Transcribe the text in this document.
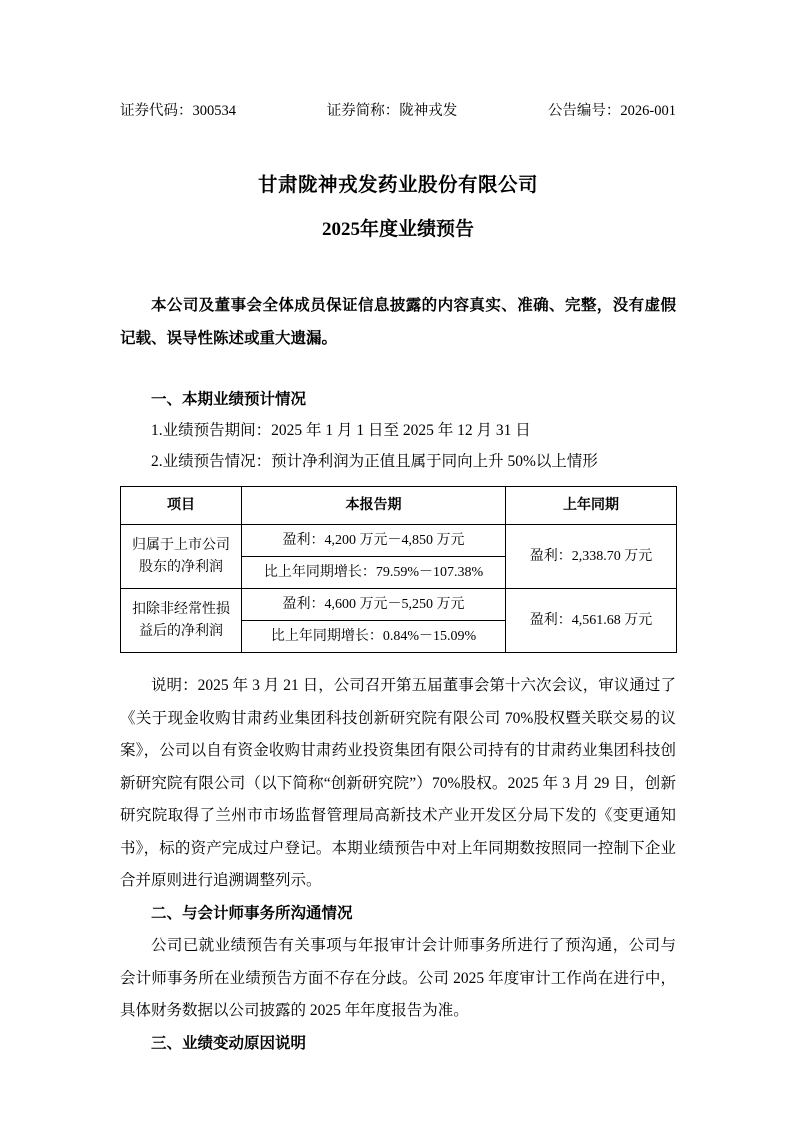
证券代码：300534	证券简称：陇神戎发	公告编号：2026-001
甘肃陇神戎发药业股份有限公司
2025年度业绩预告

本公司及董事会全体成员保证信息披露的内容真实、准确、完整，没有虚假记载、误导性陈述或重大遗漏。

一、本期业绩预计情况
1.业绩预告期间：2025 年 1 月 1 日至 2025 年 12 月 31 日
2.业绩预告情况：预计净利润为正值且属于同向上升 50%以上情形
项目	本报告期	上年同期
归属于上市公司股东的净利润	盈利：4,200 万元－4,850 万元	盈利：2,338.70 万元
	比上年同期增长：79.59%－107.38%	
扣除非经常性损益后的净利润	盈利：4,600 万元－5,250 万元	盈利：4,561.68 万元
	比上年同期增长：0.84%－15.09%	

说明：2025 年 3 月 21 日，公司召开第五届董事会第十六次会议，审议通过了《关于现金收购甘肃药业集团科技创新研究院有限公司 70%股权暨关联交易的议案》，公司以自有资金收购甘肃药业投资集团有限公司持有的甘肃药业集团科技创新研究院有限公司（以下简称“创新研究院”）70%股权。2025 年 3 月 29 日，创新研究院取得了兰州市市场监督管理局高新技术产业开发区分局下发的《变更通知书》，标的资产完成过户登记。本期业绩预告中对上年同期数按照同一控制下企业合并原则进行追溯调整列示。

二、与会计师事务所沟通情况

公司已就业绩预告有关事项与年报审计会计师事务所进行了预沟通，公司与会计师事务所在业绩预告方面不存在分歧。公司 2025 年度审计工作尚在进行中，具体财务数据以公司披露的 2025 年年度报告为准。

三、业绩变动原因说明
